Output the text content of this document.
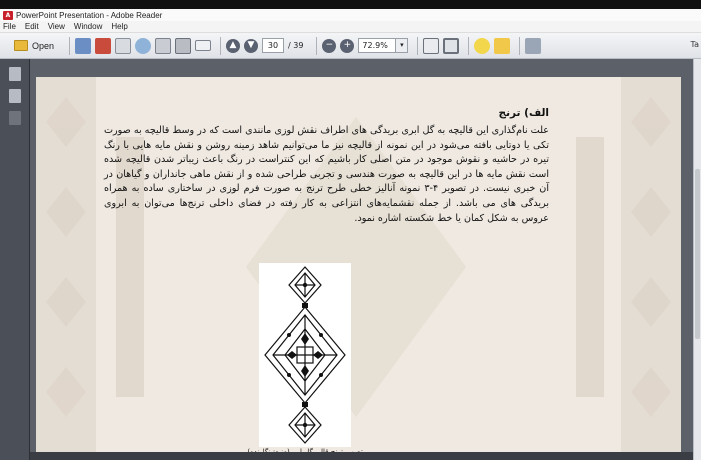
A PowerPoint Presentation - Adobe Reader
File Edit View Window Help
Open	▲	▼	30	/ 39	−	+	72.9%	▾	Ta
الف) ترنج
علت نام‌گذاری این قالیچه به گل ابری بریدگی های اطراف نقش لوزی مانندی است که در وسط قالیچه به صورت تکی یا دوتایی بافته می‌شود در این نمونه از قالیچه نیز ما می‌توانیم شاهد زمینه روشن و نقش مایه هایی با رنگ تیره در حاشیه و نقوش موجود در متن اصلی کار باشیم که این کنتراست در رنگ باعث زیباتر شدن قالیچه شده است نقش مایه ها در این قالیچه به صورت هندسی و تجربی طراحی شده و از نقش ماهی جانداران و گیاهان در آن خبری نیست. در تصویر ۴-۳ نمونه آنالیز خطی طرح ترنج به صورت فرم لوزی در ساختاری ساده به همراه بریدگی های می باشد. از جمله نقشمایه‌های انتزاعی به کار رفته در فضای داخلی ترنج‌ها می‌توان به ابروی عروس به شکل کمان یا خط شکسته اشاره نمود.
